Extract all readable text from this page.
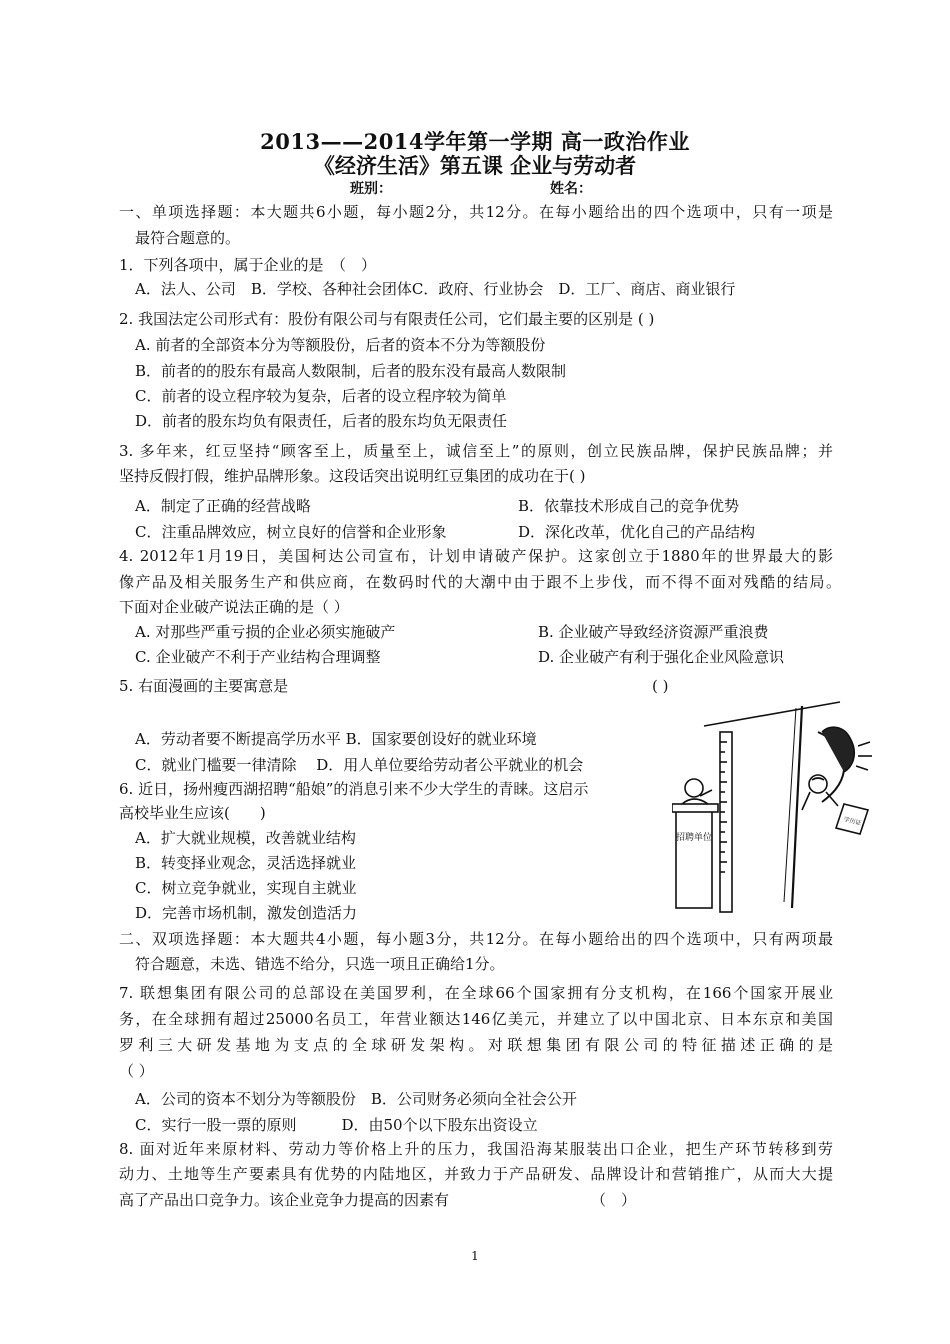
2013——2014学年第一学期 高一政治作业
《经济生活》第五课 企业与劳动者
班别：	姓名：
一、单项选择题：本大题共6小题，每小题2分，共12分。在每小题给出的四个选项中，只有一项是
最符合题意的。
1．下列各项中，属于企业的是　（　）
A．法人、公司　B．学校、各种社会团体C．政府、行业协会　D．工厂、商店、商业银行
2. 我国法定公司形式有：股份有限公司与有限责任公司，它们最主要的区别是 ( )
A. 前者的全部资本分为等额股份，后者的资本不分为等额股份
B．前者的的股东有最高人数限制，后者的股东没有最高人数限制
C．前者的设立程序较为复杂，后者的设立程序较为简单
D．前者的股东均负有限责任，后者的股东均负无限责任
3. 多年来，红豆坚持“顾客至上，质量至上，诚信至上”的原则，创立民族品牌，保护民族品牌；并
坚持反假打假，维护品牌形象。这段话突出说明红豆集团的成功在于( )
A．制定了正确的经营战略	B．依靠技术形成自己的竞争优势
C．注重品牌效应，树立良好的信誉和企业形象	D．深化改革，优化自己的产品结构
4. 2012年1月19日，美国柯达公司宣布，计划申请破产保护。这家创立于1880年的世界最大的影
像产品及相关服务生产和供应商，在数码时代的大潮中由于跟不上步伐，而不得不面对残酷的结局。
下面对企业破产说法正确的是（ ）
A. 对那些严重亏损的企业必须实施破产	B. 企业破产导致经济资源严重浪费
C. 企业破产不利于产业结构合理调整	D. 企业破产有利于强化企业风险意识
5. 右面漫画的主要寓意是	( )
A．劳动者要不断提高学历水平 B．国家要创设好的就业环境
C．就业门槛要一律清除　 D．用人单位要给劳动者公平就业的机会
6. 近日，扬州瘦西湖招聘“船娘”的消息引来不少大学生的青睐。这启示
高校毕业生应该(　　)
A．扩大就业规模，改善就业结构
B．转变择业观念，灵活选择就业
C．树立竞争就业，实现自主就业
D．完善市场机制，激发创造活力
招聘单位
学历证
二、双项选择题：本大题共4小题，每小题3分，共12分。在每小题给出的四个选项中，只有两项最
符合题意，未选、错选不给分，只选一项且正确给1分。
7. 联想集团有限公司的总部设在美国罗利，在全球66个国家拥有分支机构，在166个国家开展业
务，在全球拥有超过25000名员工，年营业额达146亿美元，并建立了以中国北京、日本东京和美国
罗利三大研发基地为支点的全球研发架构。对联想集团有限公司的特征描述正确的是
（ ）
A．公司的资本不划分为等额股份　B．公司财务必须向全社会公开
C．实行一股一票的原则　　　D．由50个以下股东出资设立
8. 面对近年来原材料、劳动力等价格上升的压力，我国沿海某服装出口企业，把生产环节转移到劳
动力、土地等生产要素具有优势的内陆地区，并致力于产品研发、品牌设计和营销推广，从而大大提
高了产品出口竞争力。该企业竞争力提高的因素有	（　）
1
